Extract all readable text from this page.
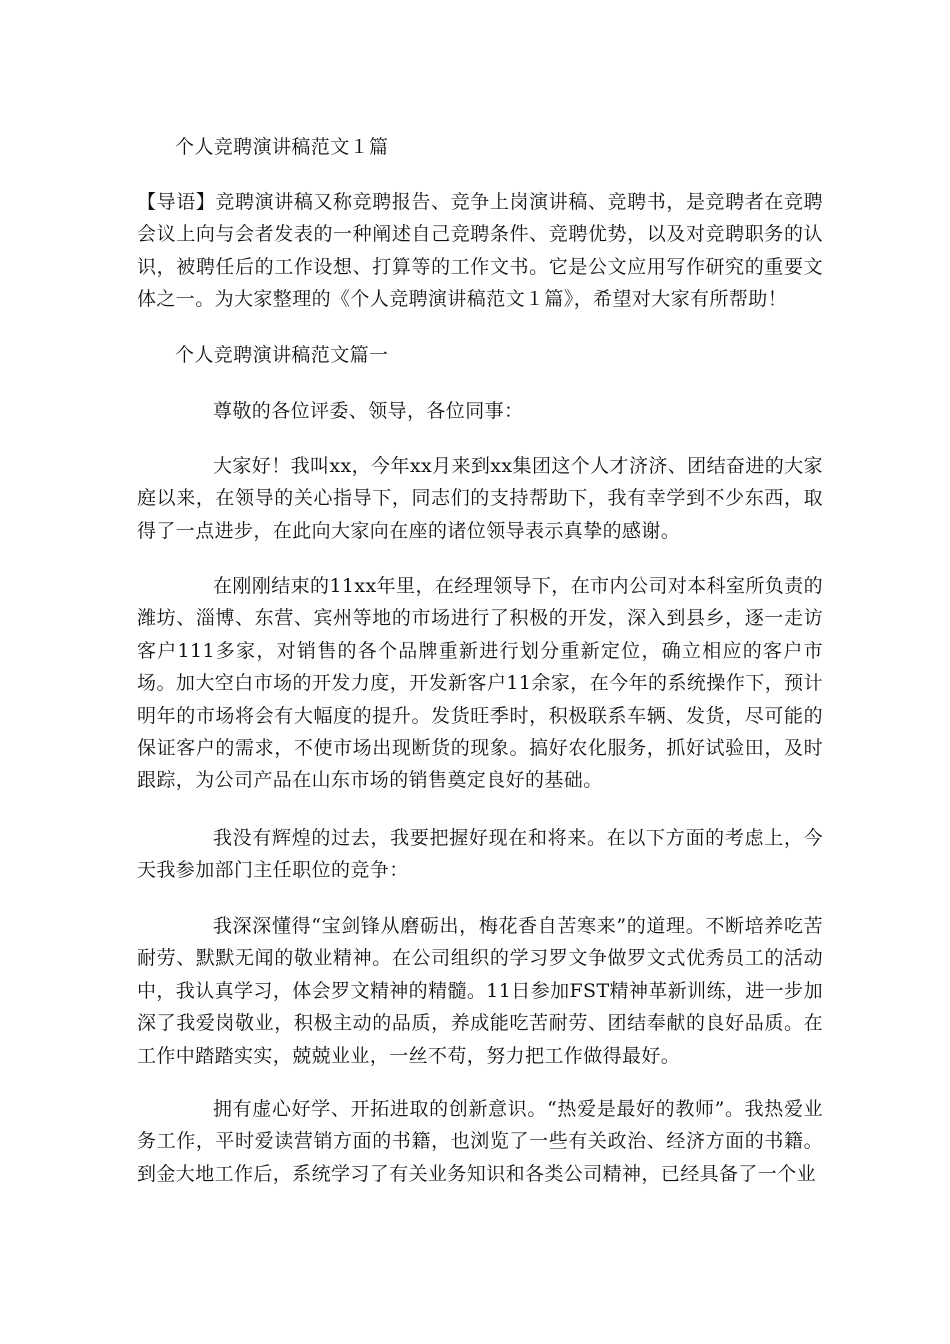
个人竞聘演讲稿范文１篇

【导语】竞聘演讲稿又称竞聘报告、竞争上岗演讲稿、竞聘书，是竞聘者在竞聘会议上向与会者发表的一种阐述自己竞聘条件、竞聘优势，以及对竞聘职务的认识，被聘任后的工作设想、打算等的工作文书。它是公文应用写作研究的重要文体之一。为大家整理的《个人竞聘演讲稿范文１篇》，希望对大家有所帮助！

个人竞聘演讲稿范文篇一

尊敬的各位评委、领导，各位同事：

大家好！我叫xx，今年xx月来到xx集团这个人才济济、团结奋进的大家庭以来，在领导的关心指导下，同志们的支持帮助下，我有幸学到不少东西，取得了一点进步，在此向大家向在座的诸位领导表示真挚的感谢。

在刚刚结束的11xx年里，在经理领导下，在市内公司对本科室所负责的潍坊、淄博、东营、宾州等地的市场进行了积极的开发，深入到县乡，逐一走访客户111多家，对销售的各个品牌重新进行划分重新定位，确立相应的客户市场。加大空白市场的开发力度，开发新客户11余家，在今年的系统操作下，预计明年的市场将会有大幅度的提升。发货旺季时，积极联系车辆、发货，尽可能的保证客户的需求，不使市场出现断货的现象。搞好农化服务，抓好试验田，及时跟踪，为公司产品在山东市场的销售奠定良好的基础。

我没有辉煌的过去，我要把握好现在和将来。在以下方面的考虑上，今天我参加部门主任职位的竞争：

我深深懂得“宝剑锋从磨砺出，梅花香自苦寒来”的道理。不断培养吃苦耐劳、默默无闻的敬业精神。在公司组织的学习罗文争做罗文式优秀员工的活动中，我认真学习，体会罗文精神的精髓。11日参加FST精神革新训练，进一步加深了我爱岗敬业，积极主动的品质，养成能吃苦耐劳、团结奉献的良好品质。在工作中踏踏实实，兢兢业业，一丝不苟，努力把工作做得最好。

拥有虚心好学、开拓进取的创新意识。“热爱是最好的教师”。我热爱业务工作，平时爱读营销方面的书籍，也浏览了一些有关政治、经济方面的书籍。到金大地工作后，系统学习了有关业务知识和各类公司精神，已经具备了一个业
